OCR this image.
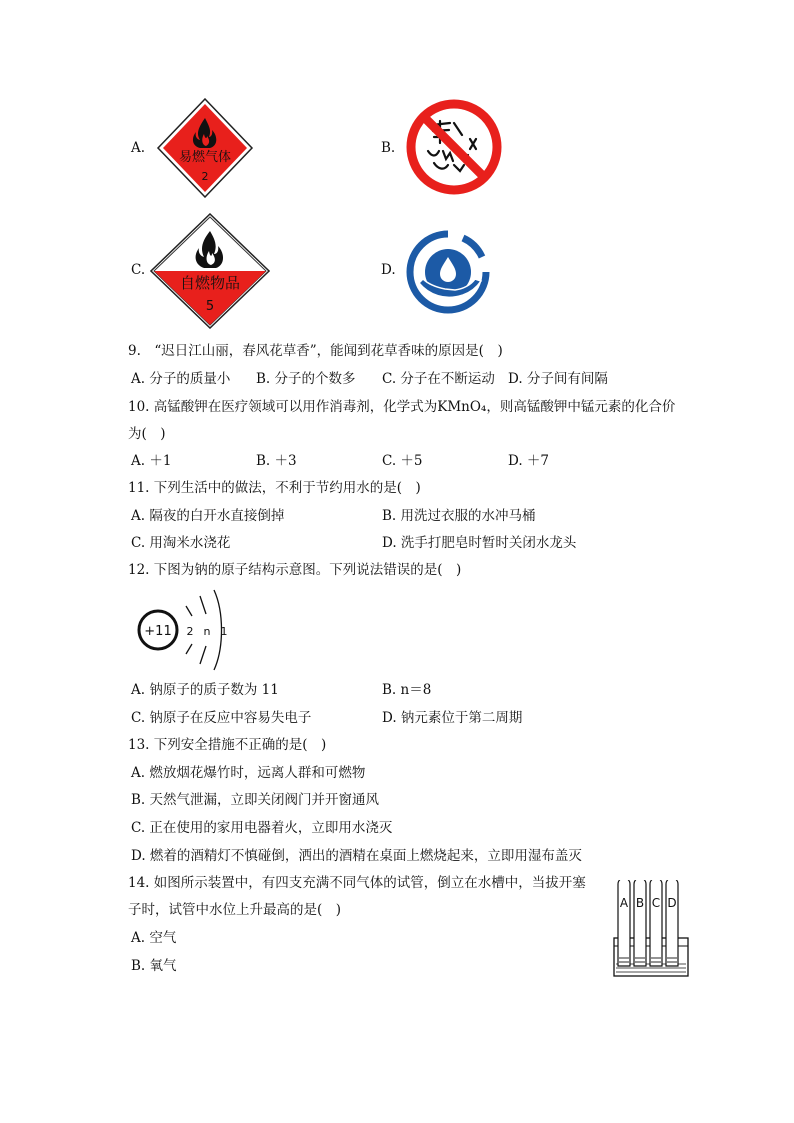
A.
易燃气体
2
B.
C.
自燃物品
5
D.
9.　“迟日江山丽，春风花草香”，能闻到花草香味的原因是(　)
A. 分子的质量小 B. 分子的个数多 C. 分子在不断运动 D. 分子间有间隔
10. 高锰酸钾在医疗领域可以用作消毒剂，化学式为KMnO₄，则高锰酸钾中锰元素的化合价
为(　)
A. ＋1	B. ＋3	C. ＋5	D. ＋7
11. 下列生活中的做法，不利于节约用水的是(　)
A. 隔夜的白开水直接倒掉	B. 用洗过衣服的水冲马桶
C. 用淘米水浇花	D. 洗手打肥皂时暂时关闭水龙头
12. 下图为钠的原子结构示意图。下列说法错误的是(　)
+11 2 n 1
A. 钠原子的质子数为 11	B. n＝8
C. 钠原子在反应中容易失电子	D. 钠元素位于第二周期
13. 下列安全措施不正确的是(　)
A. 燃放烟花爆竹时，远离人群和可燃物
B. 天然气泄漏，立即关闭阀门并开窗通风
C. 正在使用的家用电器着火，立即用水浇灭
D. 燃着的酒精灯不慎碰倒，洒出的酒精在桌面上燃烧起来，立即用湿布盖灭
14. 如图所示装置中，有四支充满不同气体的试管，倒立在水槽中，当拔开塞
子时，试管中水位上升最高的是(　)
A. 空气
B. 氧气
A B C D
